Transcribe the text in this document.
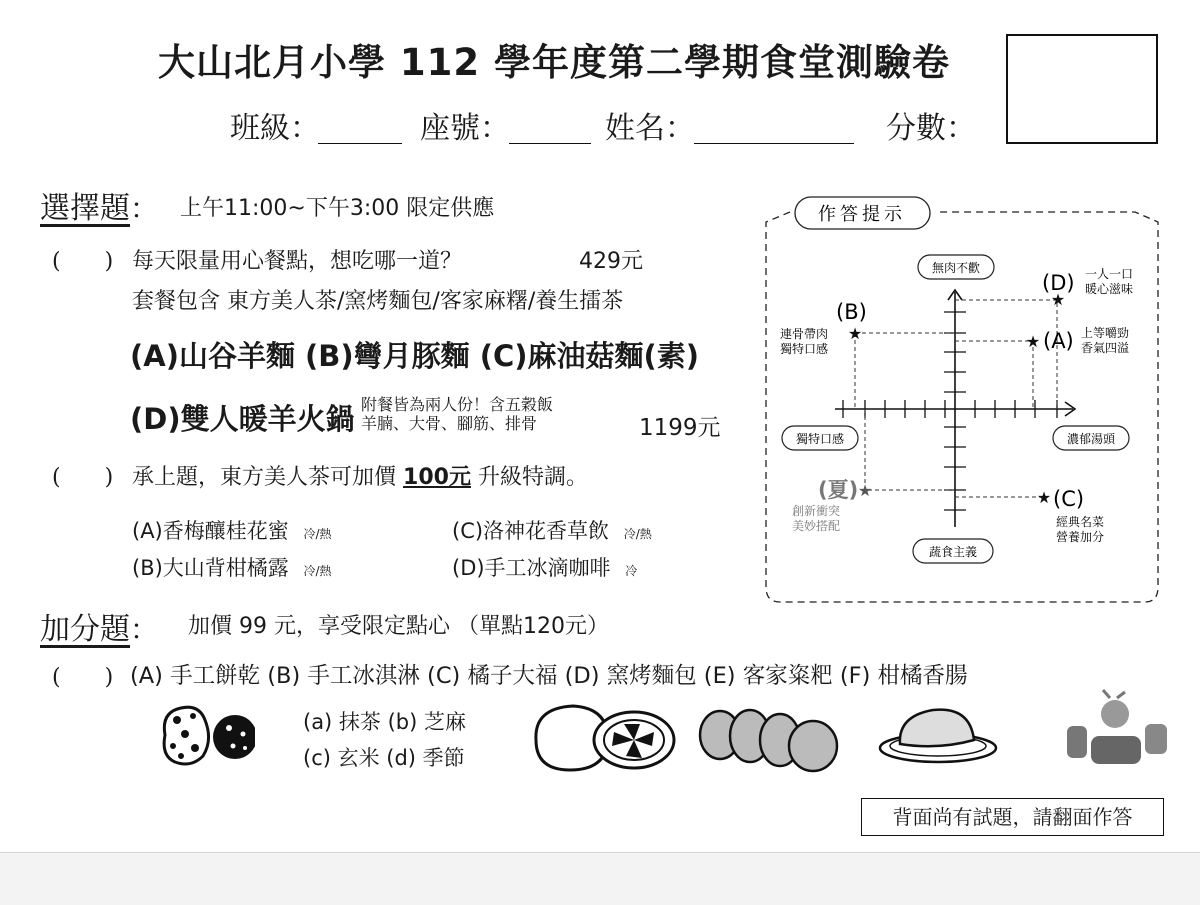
大山北月小學 112 學年度第二學期食堂測驗卷
班級：	座號：	姓名：	分數：
選擇題： 上午11:00~下午3:00 限定供應
(　　) 每天限量用心餐點，想吃哪一道？	429元
套餐包含 東方美人茶/窯烤麵包/客家麻糬/養生擂茶
(A)山谷羊麵 (B)彎月豚麵 (C)麻油菇麵(素)
(D)雙人暖羊火鍋 附餐皆為兩人份！含五穀飯
羊腩、大骨、腳筋、排骨	1199元
(　　) 承上題，東方美人茶可加價 100元 升級特調。
(A)香梅釀桂花蜜 冷/熱	(C)洛神花香草飲 冷/熱
(B)大山背柑橘露 冷/熱	(D)手工冰滴咖啡 冷
作答提示
無肉不歡
蔬食主義
獨特口感	濃郁湯頭
★
(D) 一人一口
暖心滋味
★
(B)
連骨帶肉
獨特口感	★ (A) 上等嚼勁
香氣四溢
★
(夏)
創新衝突
美妙搭配
★ (C)
經典名菜
營養加分
加分題： 加價 99 元，享受限定點心 （單點120元）
(　　) (A) 手工餅乾 (B) 手工冰淇淋 (C) 橘子大福 (D) 窯烤麵包 (E) 客家粢粑 (F) 柑橘香腸
(a) 抹茶 (b) 芝麻
(c) 玄米 (d) 季節
背面尚有試題，請翻面作答
